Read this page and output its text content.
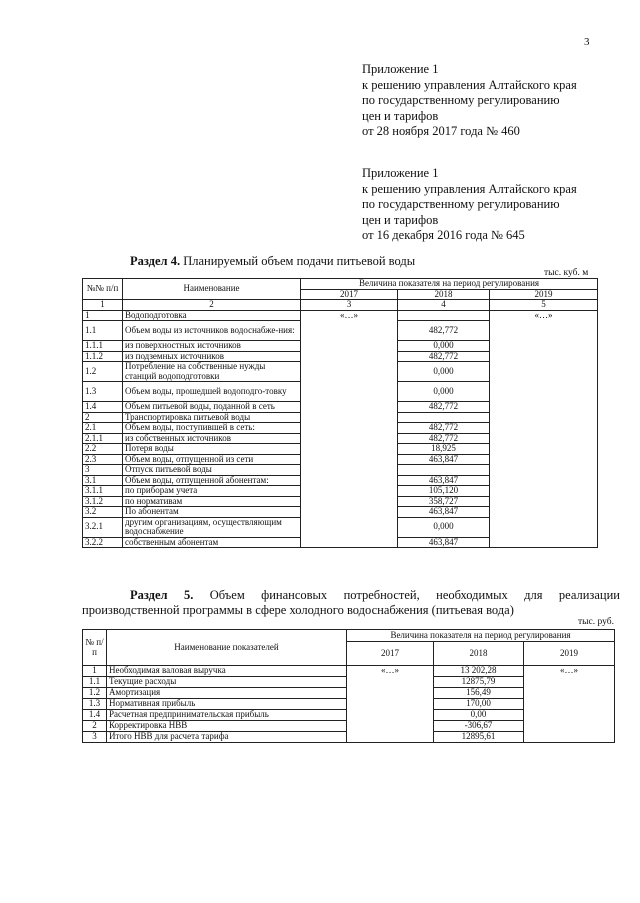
3
Приложение 1
к решению управления Алтайского края
по государственному регулированию
цен и тарифов
от 28 ноября 2017 года № 460
Приложение 1
к решению управления Алтайского края
по государственному регулированию
цен и тарифов
от 16 декабря 2016 года № 645
Раздел 4. Планируемый объем подачи питьевой воды
тыс. куб. м
№№ п/п	Наименование	Величина показателя на период регулирования		
		2017	2018	2019
1	2	3	4	5
1	Водоподготовка	«…»		«…»
1.1	Объем воды из источников водоснабже-ния:		482,772	
1.1.1	из поверхностных источников		0,000	
1.1.2	из подземных источников		482,772	
1.2	Потребление на собственные нужды станций водоподготовки		0,000	
1.3	Объем воды, прошедшей водоподго-товку		0,000	
1.4	Объем питьевой воды, поданной в сеть		482,772	
2	Транспортировка питьевой воды			
2.1	Объем воды, поступившей в сеть:		482,772	
2.1.1	из собственных источников		482,772	
2.2	Потеря воды		18,925	
2.3	Объем воды, отпущенной из сети		463,847	
3	Отпуск питьевой воды			
3.1	Объем воды, отпущенной абонентам:		463,847	
3.1.1	по приборам учета		105,120	
3.1.2	по нормативам		358,727	
3.2	По абонентам		463,847	
3.2.1	другим организациям, осуществляющим водоснабжение		0,000	
3.2.2	собственным абонентам		463,847	
Раздел 5. Объем финансовых потребностей, необходимых для реализации производственной программы в сфере холодного водоснабжения (питьевая вода)
тыс. руб.
№ п/ п	Наименование показателей	Величина показателя на период регулирования		
		2017	2018	2019
1	Необходимая валовая выручка	«…»	13 202,28	«…»
1.1	Текущие расходы		12875,79	
1.2	Амортизация		156,49	
1.3	Нормативная прибыль		170,00	
1.4	Расчетная предпринимательская прибыль		0,00	
2	Корректировка НВВ		-306,67	
3	Итого НВВ для расчета тарифа		12895,61	
